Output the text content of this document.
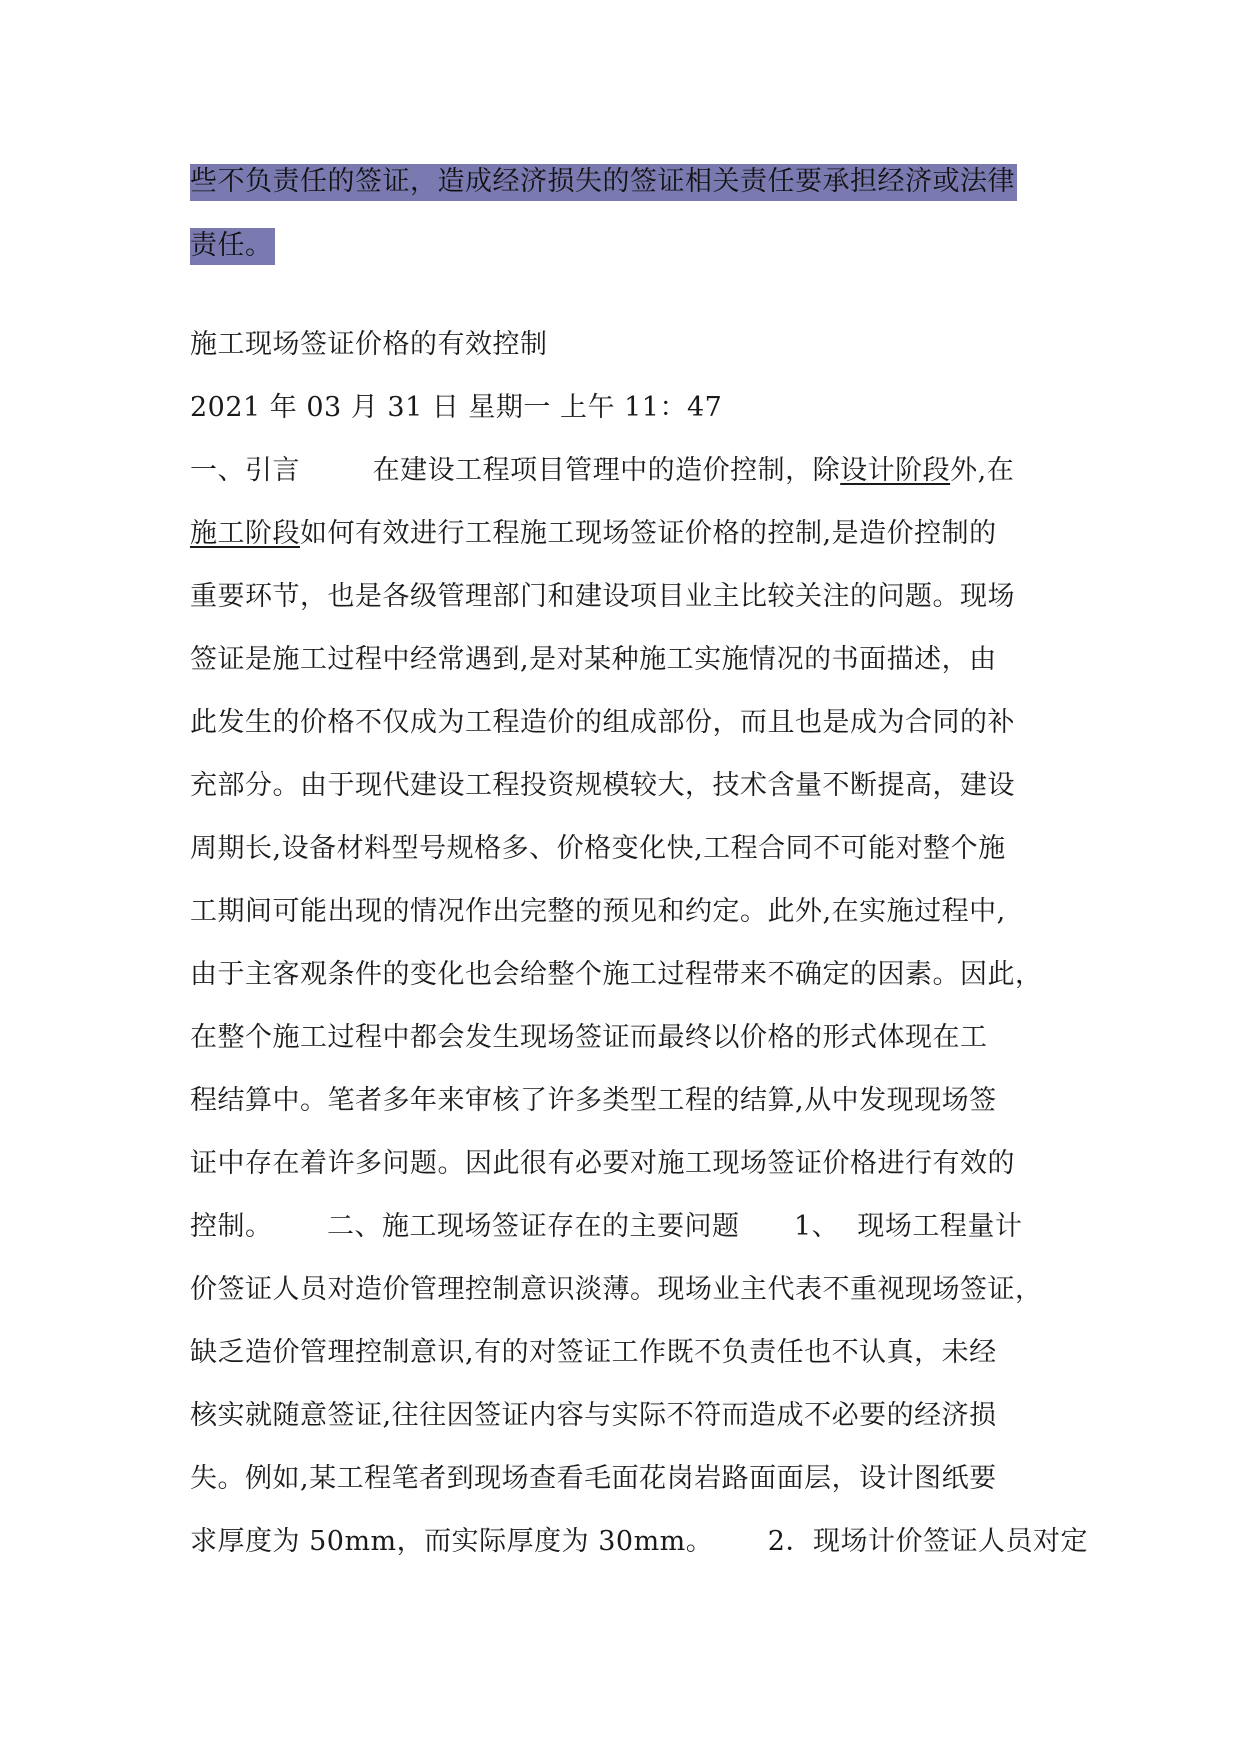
些不负责任的签证，造成经济损失的签证相关责任要承担经济或法律
责任。
施工现场签证价格的有效控制
2021 年 03 月 31 日 星期一 上午 11：47
一、引言        在建设工程项目管理中的造价控制，除设计阶段外,在
施工阶段如何有效进行工程施工现场签证价格的控制,是造价控制的
重要环节，也是各级管理部门和建设项目业主比较关注的问题。现场
签证是施工过程中经常遇到,是对某种施工实施情况的书面描述，由
此发生的价格不仅成为工程造价的组成部份，而且也是成为合同的补
充部分。由于现代建设工程投资规模较大，技术含量不断提高，建设
周期长,设备材料型号规格多、价格变化快,工程合同不可能对整个施
工期间可能出现的情况作出完整的预见和约定。此外,在实施过程中,
由于主客观条件的变化也会给整个施工过程带来不确定的因素。因此，
在整个施工过程中都会发生现场签证而最终以价格的形式体现在工
程结算中。笔者多年来审核了许多类型工程的结算,从中发现现场签
证中存在着许多问题。因此很有必要对施工现场签证价格进行有效的
控制。      二、施工现场签证存在的主要问题      1、  现场工程量计
价签证人员对造价管理控制意识淡薄。现场业主代表不重视现场签证，
缺乏造价管理控制意识,有的对签证工作既不负责任也不认真，未经
核实就随意签证,往往因签证内容与实际不符而造成不必要的经济损
失。例如,某工程笔者到现场查看毛面花岗岩路面面层，设计图纸要
求厚度为 50mm，而实际厚度为 30mm。      2．现场计价签证人员对定
